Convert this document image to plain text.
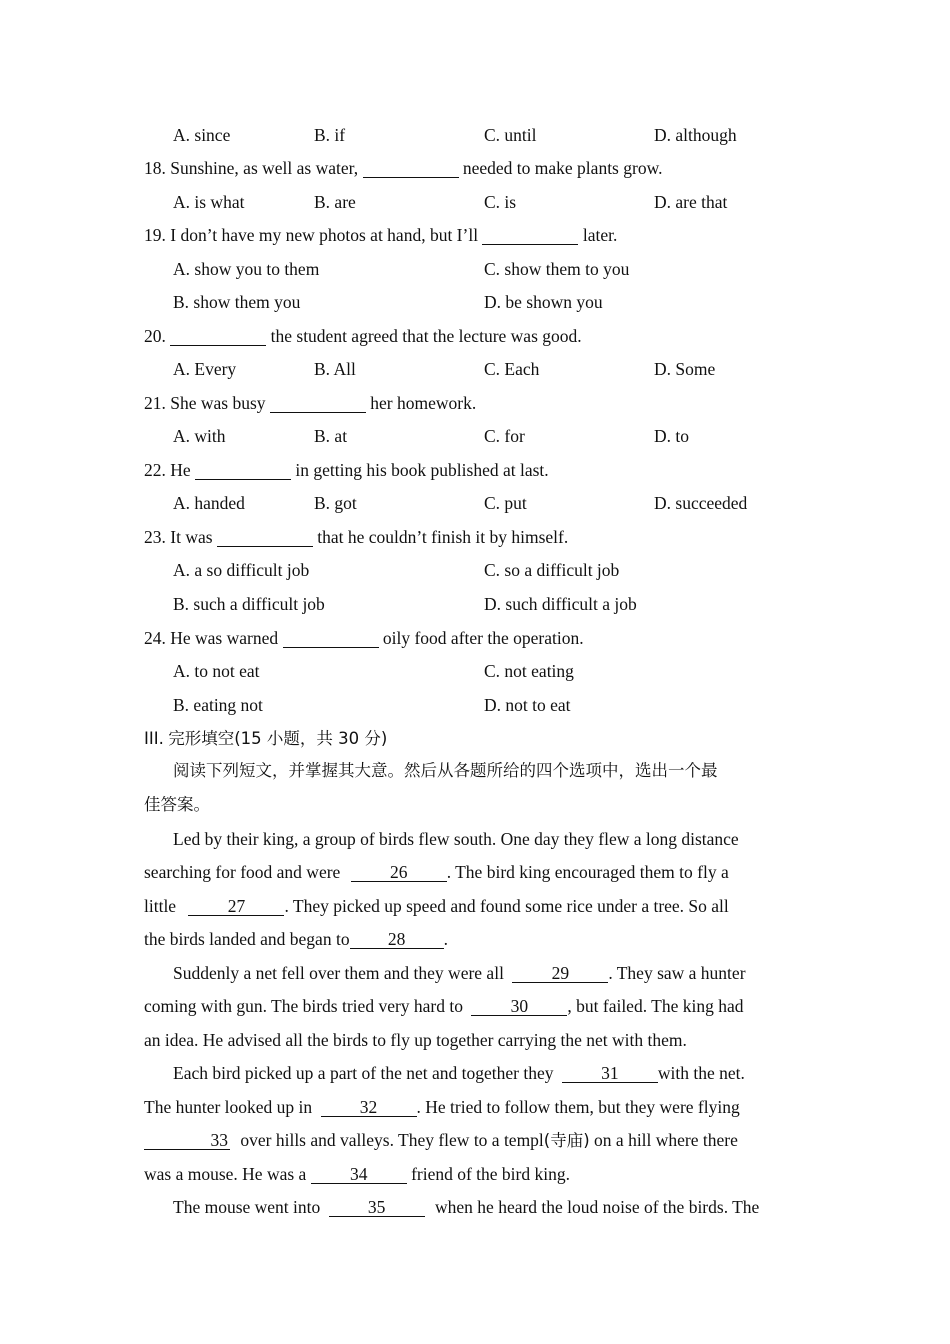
A. since	B. if	C. until	D. although
18. Sunshine, as well as water,	needed to make plants grow.
A. is what	B. are	C. is	D. are that
19. I don’t have my new photos at hand, but I’ll	later.
A. show you to them	C. show them to you
B. show them you	D. be shown you
20.	the student agreed that the lecture was good.
A. Every	B. All	C. Each	D. Some
21. She was busy	her homework.
A. with	B. at	C. for	D. to
22. He	in getting his book published at last.
A. handed	B. got	C. put	D. succeeded
23. It was	that he couldn’t finish it by himself.
A. a so difficult job	C. so a difficult job
B. such a difficult job	D. such difficult a job
24. He was warned	oily food after the operation.
A. to not eat	C. not eating
B. eating not	D. not to eat
III. 完形填空(15 小题，共 30 分)
阅读下列短文，并掌握其大意。然后从各题所给的四个选项中，选出一个最
佳答案。
Led by their king, a group of birds flew south. One day they flew a long distance
searching for food and were	26 . The bird king encouraged them to fly a
little	27 . They picked up speed and found some rice under a tree. So all
the birds landed and began to 28 .
Suddenly a net fell over them and they were all	29 . They saw a hunter
coming with gun. The birds tried very hard to	30 , but failed. The king had
an idea. He advised all the birds to fly up together carrying the net with them.
Each bird picked up a part of the net and together they	31 with the net.
The hunter looked up in	32 . He tried to follow them, but they were flying
33 over hills and valleys. They flew to a templ(寺庙) on a hill where there
was a mouse. He was a 34 friend of the bird king.
The mouse went into	35	when he heard the loud noise of the birds. The
